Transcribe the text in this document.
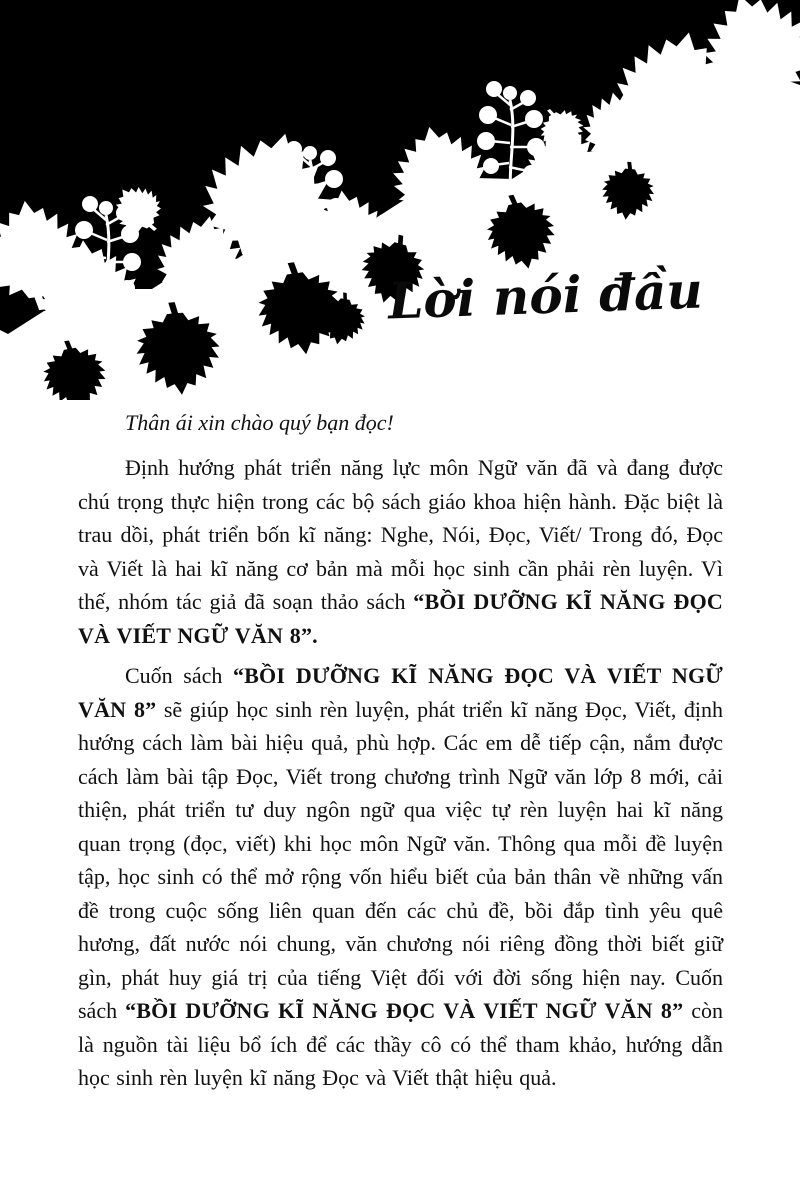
Lời nói đầu

Thân ái xin chào quý bạn đọc!

Định hướng phát triển năng lực môn Ngữ văn đã và đang được chú trọng thực hiện trong các bộ sách giáo khoa hiện hành. Đặc biệt là trau dồi, phát triển bốn kĩ năng: Nghe, Nói, Đọc, Viết/ Trong đó, Đọc và Viết là hai kĩ năng cơ bản mà mỗi học sinh cần phải rèn luyện. Vì thế, nhóm tác giả đã soạn thảo sách “BỒI DƯỠNG KĨ NĂNG ĐỌC VÀ VIẾT NGỮ VĂN 8”.

Cuốn sách “BỒI DƯỠNG KĨ NĂNG ĐỌC VÀ VIẾT NGỮ VĂN 8” sẽ giúp học sinh rèn luyện, phát triển kĩ năng Đọc, Viết, định hướng cách làm bài hiệu quả, phù hợp. Các em dễ tiếp cận, nắm được cách làm bài tập Đọc, Viết trong chương trình Ngữ văn lớp 8 mới, cải thiện, phát triển tư duy ngôn ngữ qua việc tự rèn luyện hai kĩ năng quan trọng (đọc, viết) khi học môn Ngữ văn. Thông qua mỗi đề luyện tập, học sinh có thể mở rộng vốn hiểu biết của bản thân về những vấn đề trong cuộc sống liên quan đến các chủ đề, bồi đắp tình yêu quê hương, đất nước nói chung, văn chương nói riêng đồng thời biết giữ gìn, phát huy giá trị của tiếng Việt đối với đời sống hiện nay. Cuốn sách “BỒI DƯỠNG KĨ NĂNG ĐỌC VÀ VIẾT NGỮ VĂN 8” còn là nguồn tài liệu bổ ích để các thầy cô có thể tham khảo, hướng dẫn học sinh rèn luyện kĩ năng Đọc và Viết thật hiệu quả.
